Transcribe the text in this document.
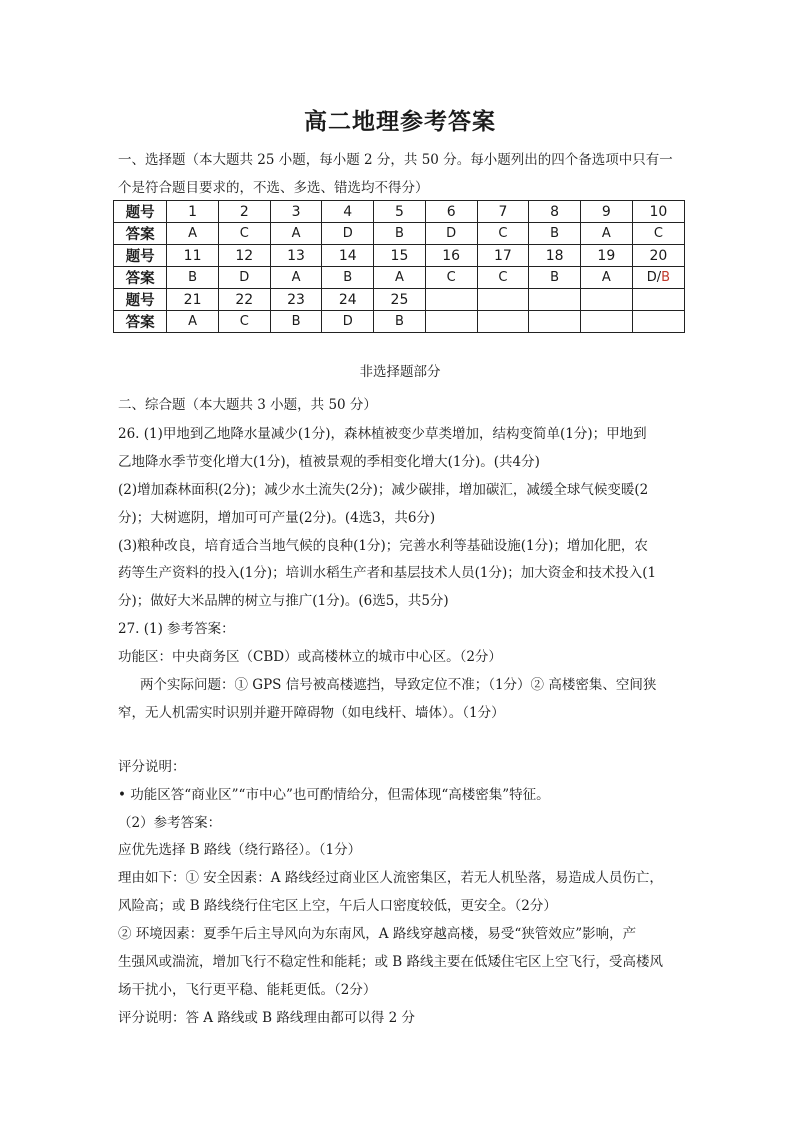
高二地理参考答案
一、选择题（本大题共 25 小题，每小题 2 分，共 50 分。每小题列出的四个备选项中只有一
个是符合题目要求的，不选、多选、错选均不得分）
题号	1	2	3	4	5	6	7	8	9	10
答案	A	C	A	D	B	D	C	B	A	C
题号	11	12	13	14	15	16	17	18	19	20
答案	B	D	A	B	A	C	C	B	A	D/B
题号	21	22	23	24	25					
答案	A	C	B	D	B					
非选择题部分
二、综合题（本大题共 3 小题，共 50 分）
26. (1)甲地到乙地降水量减少(1分)，森林植被变少草类增加，结构变简单(1分)；甲地到
乙地降水季节变化增大(1分)，植被景观的季相变化增大(1分)。(共4分)
(2)增加森林面积(2分)；减少水土流失(2分)；减少碳排，增加碳汇，减缓全球气候变暖(2
分)；大树遮阴，增加可可产量(2分)。(4选3，共6分)
(3)粮种改良，培育适合当地气候的良种(1分)；完善水利等基础设施(1分)；增加化肥，农
药等生产资料的投入(1分)；培训水稻生产者和基层技术人员(1分)；加大资金和技术投入(1
分)；做好大米品牌的树立与推广(1分)。(6选5，共5分)
27. (1) 参考答案：
功能区：中央商务区（CBD）或高楼林立的城市中心区。（2分）
两个实际问题：① GPS 信号被高楼遮挡，导致定位不准；（1分）② 高楼密集、空间狭
窄，无人机需实时识别并避开障碍物（如电线杆、墙体）。（1分）
评分说明：
• 功能区答“商业区”“市中心”也可酌情给分，但需体现“高楼密集”特征。
（2）参考答案：
应优先选择 B 路线（绕行路径）。（1分）
理由如下：① 安全因素：A 路线经过商业区人流密集区，若无人机坠落，易造成人员伤亡，
风险高；或 B 路线绕行住宅区上空，午后人口密度较低，更安全。（2分）
② 环境因素：夏季午后主导风向为东南风，A 路线穿越高楼，易受“狭管效应”影响，产
生强风或湍流，增加飞行不稳定性和能耗；或 B 路线主要在低矮住宅区上空飞行，受高楼风
场干扰小，飞行更平稳、能耗更低。（2分）
评分说明：答 A 路线或 B 路线理由都可以得 2 分
